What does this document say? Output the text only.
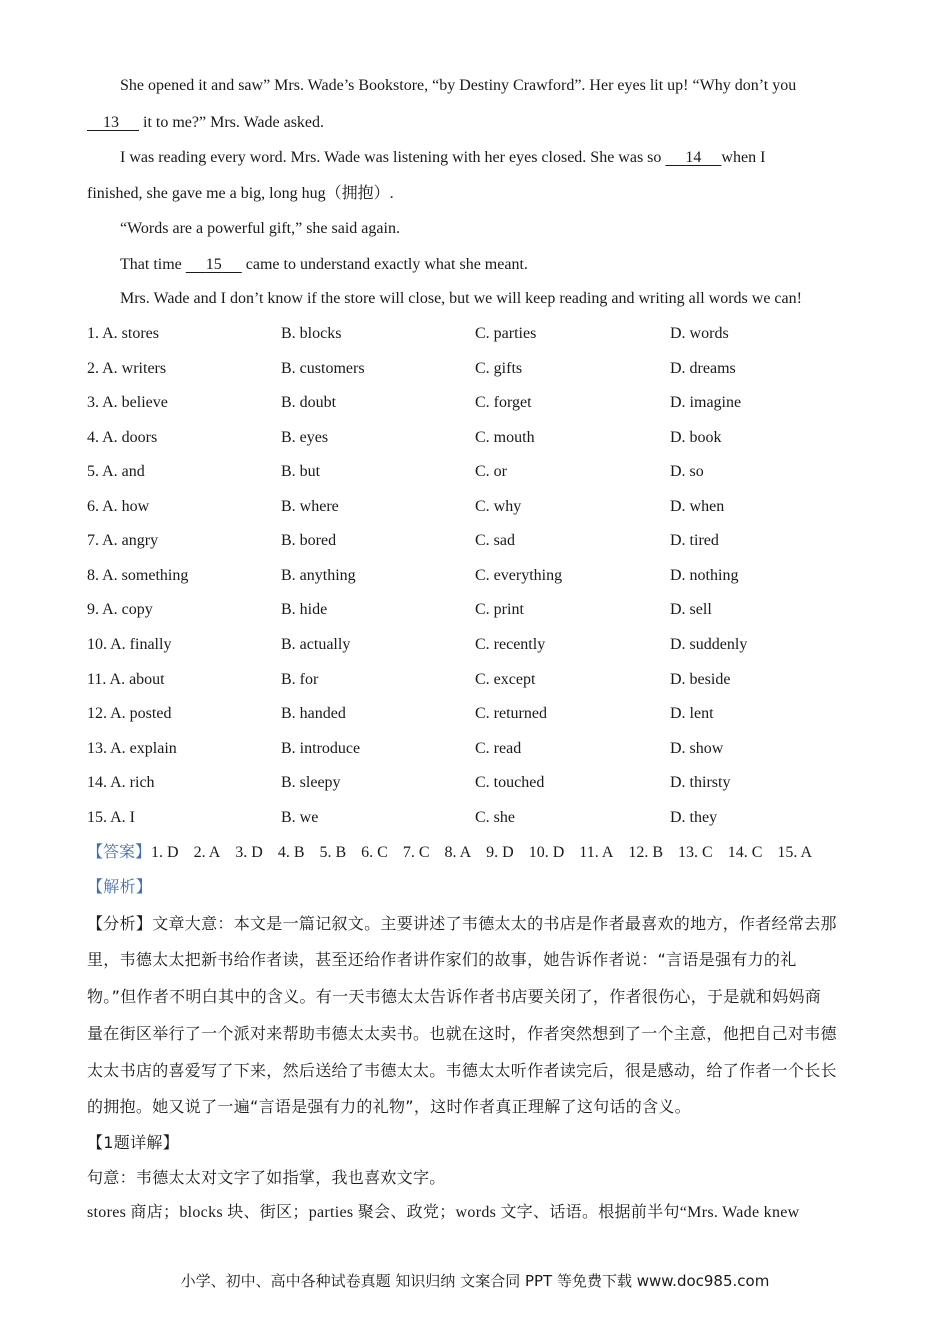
She opened it and saw” Mrs. Wade’s Bookstore, “by Destiny Crawford”. Her eyes lit up! “Why don’t you
13      it to me?” Mrs. Wade asked.
I was reading every word. Mrs. Wade was listening with her eyes closed. She was so      14 when I
finished, she gave me a big, long hug（拥抱）.
“Words are a powerful gift,” she said again.
That time      15      came to understand exactly what she meant.
Mrs. Wade and I don’t know if the store will close, but we will keep reading and writing all words we can!
1. A. stores	B. blocks	C. parties	D. words
2. A. writers	B. customers	C. gifts	D. dreams
3. A. believe	B. doubt	C. forget	D. imagine
4. A. doors	B. eyes	C. mouth	D. book
5. A. and	B. but	C. or	D. so
6. A. how	B. where	C. why	D. when
7. A. angry	B. bored	C. sad	D. tired
8. A. something	B. anything	C. everything	D. nothing
9. A. copy	B. hide	C. print	D. sell
10. A. finally	B. actually	C. recently	D. suddenly
11. A. about	B. for	C. except	D. beside
12. A. posted	B. handed	C. returned	D. lent
13. A. explain	B. introduce	C. read	D. show
14. A. rich	B. sleepy	C. touched	D. thirsty
15. A. I	B. we	C. she	D. they
【答案】1. D 2. A 3. D 4. B 5. B 6. C 7. C 8. A 9. D 10. D 11. A 12. B 13. C 14. C 15. A
【解析】
【分析】文章大意：本文是一篇记叙文。主要讲述了韦德太太的书店是作者最喜欢的地方，作者经常去那
里，韦德太太把新书给作者读，甚至还给作者讲作家们的故事，她告诉作者说：“言语是强有力的礼
物。”但作者不明白其中的含义。有一天韦德太太告诉作者书店要关闭了，作者很伤心，于是就和妈妈商
量在街区举行了一个派对来帮助韦德太太卖书。也就在这时，作者突然想到了一个主意，他把自己对韦德
太太书店的喜爱写了下来，然后送给了韦德太太。韦德太太听作者读完后，很是感动，给了作者一个长长
的拥抱。她又说了一遍“言语是强有力的礼物”，这时作者真正理解了这句话的含义。
【1题详解】
句意：韦德太太对文字了如指掌，我也喜欢文字。
stores 商店；blocks 块、街区；parties 聚会、政党；words 文字、话语。根据前半句“Mrs. Wade knew
小学、初中、高中各种试卷真题 知识归纳 文案合同 PPT 等免费下载 www.doc985.com
